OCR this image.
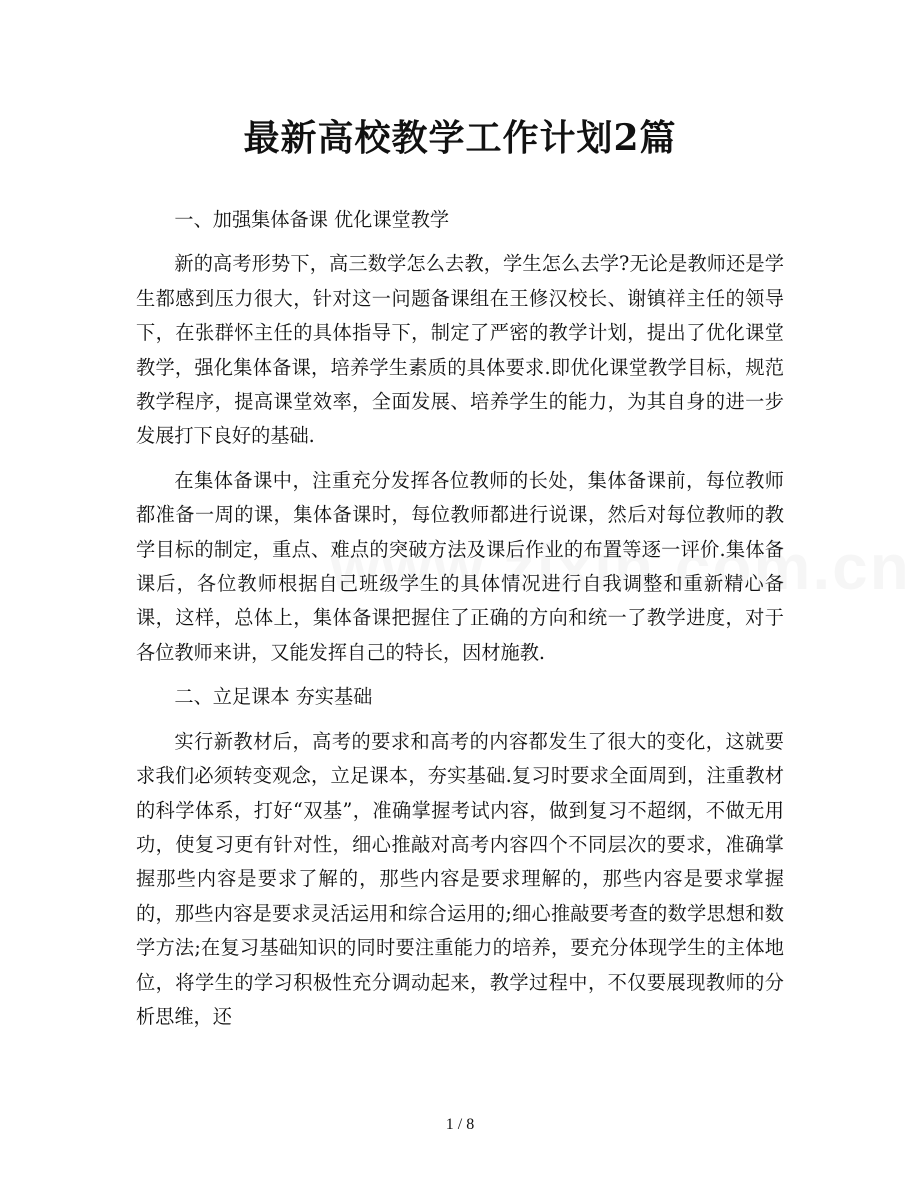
最新高校教学工作计划2篇

一、加强集体备课 优化课堂教学

新的高考形势下，高三数学怎么去教，学生怎么去学?无论是教师还是学生都感到压力很大，针对这一问题备课组在王修汉校长、谢镇祥主任的领导下，在张群怀主任的具体指导下，制定了严密的教学计划，提出了优化课堂教学，强化集体备课，培养学生素质的具体要求.即优化课堂教学目标，规范教学程序，提高课堂效率，全面发展、培养学生的能力，为其自身的进一步发展打下良好的基础.

在集体备课中，注重充分发挥各位教师的长处，集体备课前，每位教师都准备一周的课，集体备课时，每位教师都进行说课，然后对每位教师的教学目标的制定，重点、难点的突破方法及课后作业的布置等逐一评价.集体备课后，各位教师根据自己班级学生的具体情况进行自我调整和重新精心备课，这样，总体上，集体备课把握住了正确的方向和统一了教学进度，对于各位教师来讲，又能发挥自己的特长，因材施教.

二、立足课本 夯实基础

实行新教材后，高考的要求和高考的内容都发生了很大的变化，这就要求我们必须转变观念，立足课本，夯实基础.复习时要求全面周到，注重教材的科学体系，打好“双基”，准确掌握考试内容，做到复习不超纲，不做无用功，使复习更有针对性，细心推敲对高考内容四个不同层次的要求，准确掌握那些内容是要求了解的，那些内容是要求理解的，那些内容是要求掌握的，那些内容是要求灵活运用和综合运用的;细心推敲要考查的数学思想和数学方法;在复习基础知识的同时要注重能力的培养，要充分体现学生的主体地位，将学生的学习积极性充分调动起来，教学过程中，不仅要展现教师的分析思维，还

1 / 8
